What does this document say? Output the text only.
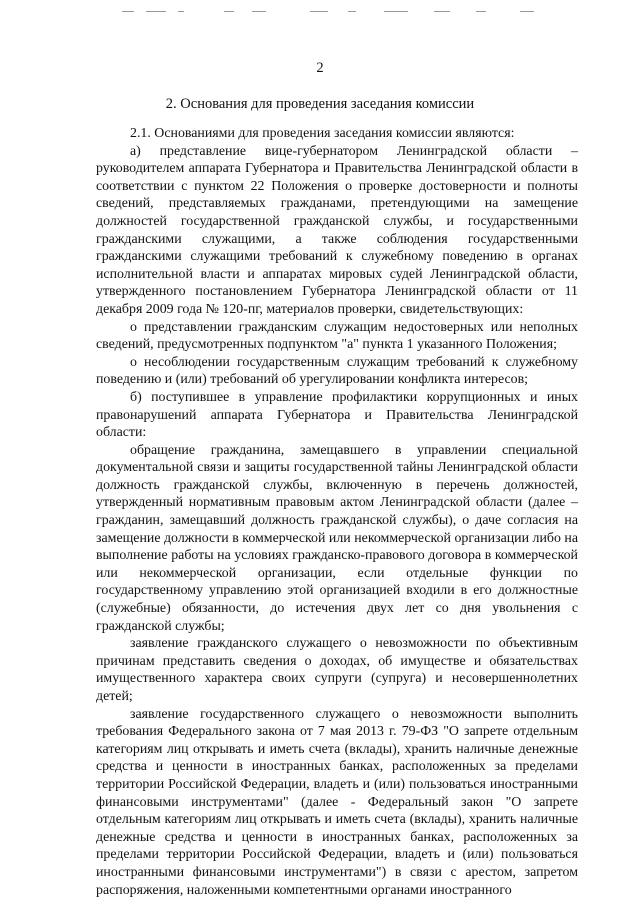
2
2. Основания для проведения заседания комиссии

2.1. Основаниями для проведения заседания комиссии являются:

а) представление вице-губернатором Ленинградской области – руководителем аппарата Губернатора и Правительства Ленинградской области в соответствии с пунктом 22 Положения о проверке достоверности и полноты сведений, представляемых гражданами, претендующими на замещение должностей государственной гражданской службы, и государственными гражданскими служащими, а также соблюдения государственными гражданскими служащими требований к служебному поведению в органах исполнительной власти и аппаратах мировых судей Ленинградской области, утвержденного постановлением Губернатора Ленинградской области от 11 декабря 2009 года № 120-пг, материалов проверки, свидетельствующих:

о представлении гражданским служащим недостоверных или неполных сведений, предусмотренных подпунктом "а" пункта 1 указанного Положения;

о несоблюдении государственным служащим требований к служебному поведению и (или) требований об урегулировании конфликта интересов;

б) поступившее в управление профилактики коррупционных и иных правонарушений аппарата Губернатора и Правительства Ленинградской области:

обращение гражданина, замещавшего в управлении специальной документальной связи и защиты государственной тайны Ленинградской области должность гражданской службы, включенную в перечень должностей, утвержденный нормативным правовым актом Ленинградской области (далее – гражданин, замещавший должность гражданской службы), о даче согласия на замещение должности в коммерческой или некоммерческой организации либо на выполнение работы на условиях гражданско-правового договора в коммерческой или некоммерческой организации, если отдельные функции по государственному управлению этой организацией входили в его должностные (служебные) обязанности, до истечения двух лет со дня увольнения с гражданской службы;

заявление гражданского служащего о невозможности по объективным причинам представить сведения о доходах, об имуществе и обязательствах имущественного характера своих супруги (супруга) и несовершеннолетних детей;

заявление государственного служащего о невозможности выполнить требования Федерального закона от 7 мая 2013 г. 79-ФЗ "О запрете отдельным категориям лиц открывать и иметь счета (вклады), хранить наличные денежные средства и ценности в иностранных банках, расположенных за пределами территории Российской Федерации, владеть и (или) пользоваться иностранными финансовыми инструментами" (далее - Федеральный закон "О запрете отдельным категориям лиц открывать и иметь счета (вклады), хранить наличные денежные средства и ценности в иностранных банках, расположенных за пределами территории Российской Федерации, владеть и (или) пользоваться иностранными финансовыми инструментами") в связи с арестом, запретом распоряжения, наложенными компетентными органами иностранного
